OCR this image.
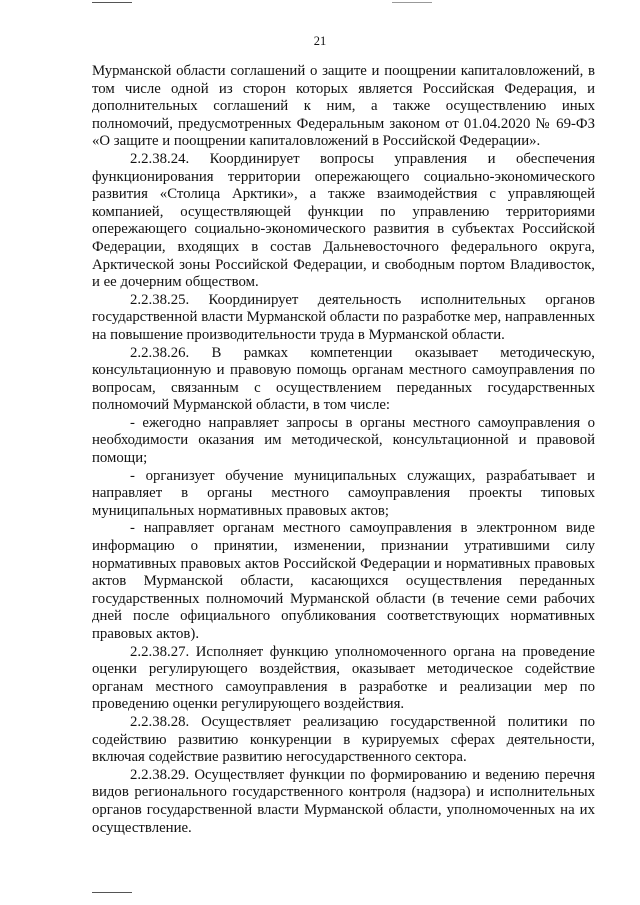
21

Мурманской области соглашений о защите и поощрении капиталовложений, в том числе одной из сторон которых является Российская Федерация, и дополнительных соглашений к ним, а также осуществлению иных полномочий, предусмотренных Федеральным законом от 01.04.2020 № 69-ФЗ «О защите и поощрении капиталовложений в Российской Федерации».

2.2.38.24. Координирует вопросы управления и обеспечения функционирования территории опережающего социально-экономического развития «Столица Арктики», а также взаимодействия с управляющей компанией, осуществляющей функции по управлению территориями опережающего социально-экономического развития в субъектах Российской Федерации, входящих в состав Дальневосточного федерального округа, Арктической зоны Российской Федерации, и свободным портом Владивосток, и ее дочерним обществом.

2.2.38.25. Координирует деятельность исполнительных органов государственной власти Мурманской области по разработке мер, направленных на повышение производительности труда в Мурманской области.

2.2.38.26. В рамках компетенции оказывает методическую, консультационную и правовую помощь органам местного самоуправления по вопросам, связанным с осуществлением переданных государственных полномочий Мурманской области, в том числе:

- ежегодно направляет запросы в органы местного самоуправления о необходимости оказания им методической, консультационной и правовой помощи;

- организует обучение муниципальных служащих, разрабатывает и направляет в органы местного самоуправления проекты типовых муниципальных нормативных правовых актов;

- направляет органам местного самоуправления в электронном виде информацию о принятии, изменении, признании утратившими силу нормативных правовых актов Российской Федерации и нормативных правовых актов Мурманской области, касающихся осуществления переданных государственных полномочий Мурманской области (в течение семи рабочих дней после официального опубликования соответствующих нормативных правовых актов).

2.2.38.27. Исполняет функцию уполномоченного органа на проведение оценки регулирующего воздействия, оказывает методическое содействие органам местного самоуправления в разработке и реализации мер по проведению оценки регулирующего воздействия.

2.2.38.28. Осуществляет реализацию государственной политики по содействию развитию конкуренции в курируемых сферах деятельности, включая содействие развитию негосударственного сектора.

2.2.38.29. Осуществляет функции по формированию и ведению перечня видов регионального государственного контроля (надзора) и исполнительных органов государственной власти Мурманской области, уполномоченных на их осуществление.
